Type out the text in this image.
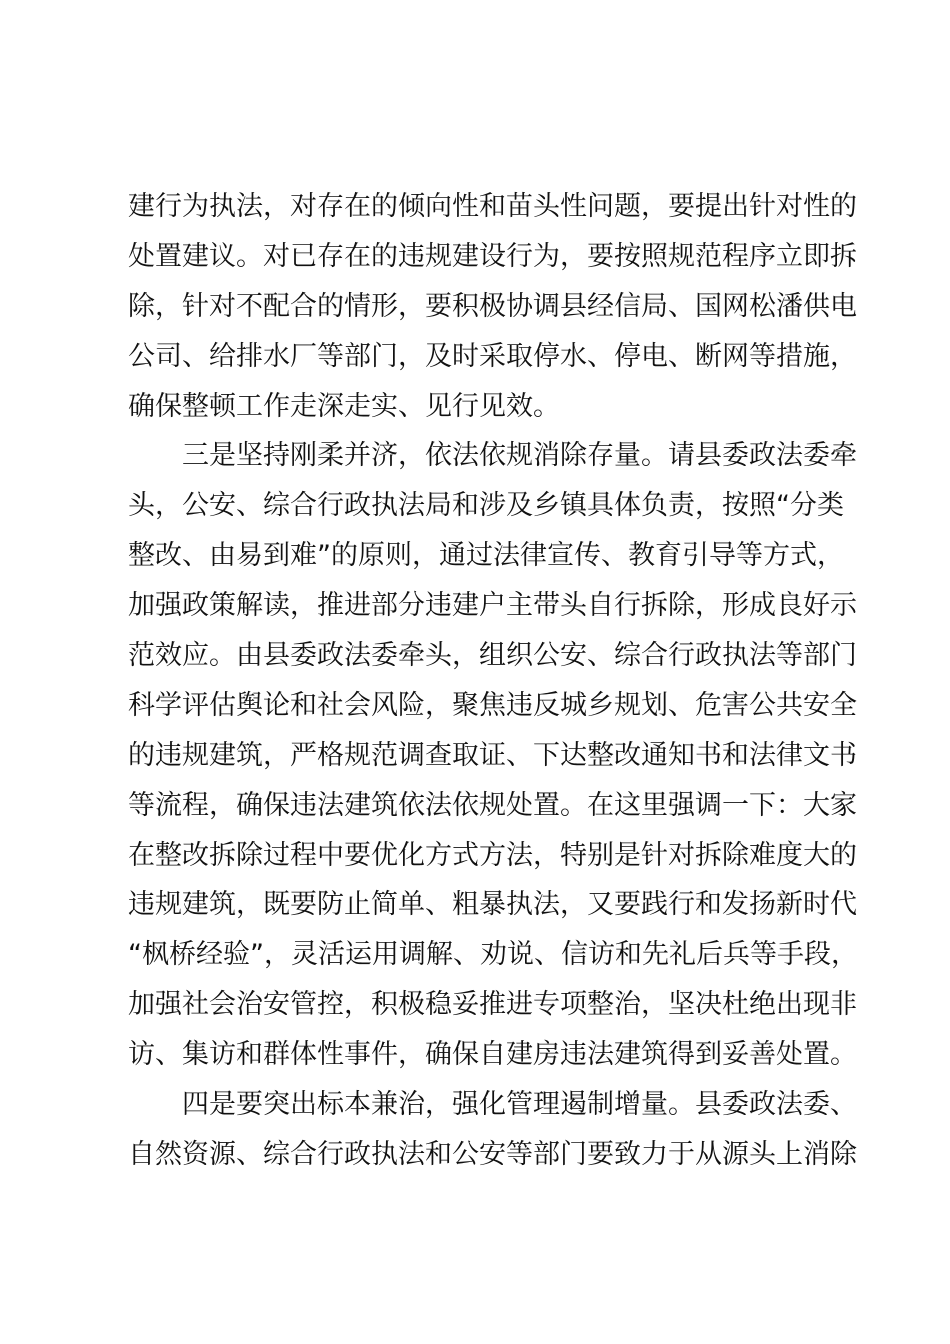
建行为执法，对存在的倾向性和苗头性问题，要提出针对性的
处置建议。对已存在的违规建设行为，要按照规范程序立即拆
除，针对不配合的情形，要积极协调县经信局、国网松潘供电
公司、给排水厂等部门，及时采取停水、停电、断网等措施，
确保整顿工作走深走实、见行见效。
三是坚持刚柔并济，依法依规消除存量。请县委政法委牵
头，公安、综合行政执法局和涉及乡镇具体负责，按照“分类
整改、由易到难”的原则，通过法律宣传、教育引导等方式，
加强政策解读，推进部分违建户主带头自行拆除，形成良好示
范效应。由县委政法委牵头，组织公安、综合行政执法等部门
科学评估舆论和社会风险，聚焦违反城乡规划、危害公共安全
的违规建筑，严格规范调查取证、下达整改通知书和法律文书
等流程，确保违法建筑依法依规处置。在这里强调一下：大家
在整改拆除过程中要优化方式方法，特别是针对拆除难度大的
违规建筑，既要防止简单、粗暴执法，又要践行和发扬新时代
“枫桥经验”，灵活运用调解、劝说、信访和先礼后兵等手段，
加强社会治安管控，积极稳妥推进专项整治，坚决杜绝出现非
访、集访和群体性事件，确保自建房违法建筑得到妥善处置。
四是要突出标本兼治，强化管理遏制增量。县委政法委、
自然资源、综合行政执法和公安等部门要致力于从源头上消除
